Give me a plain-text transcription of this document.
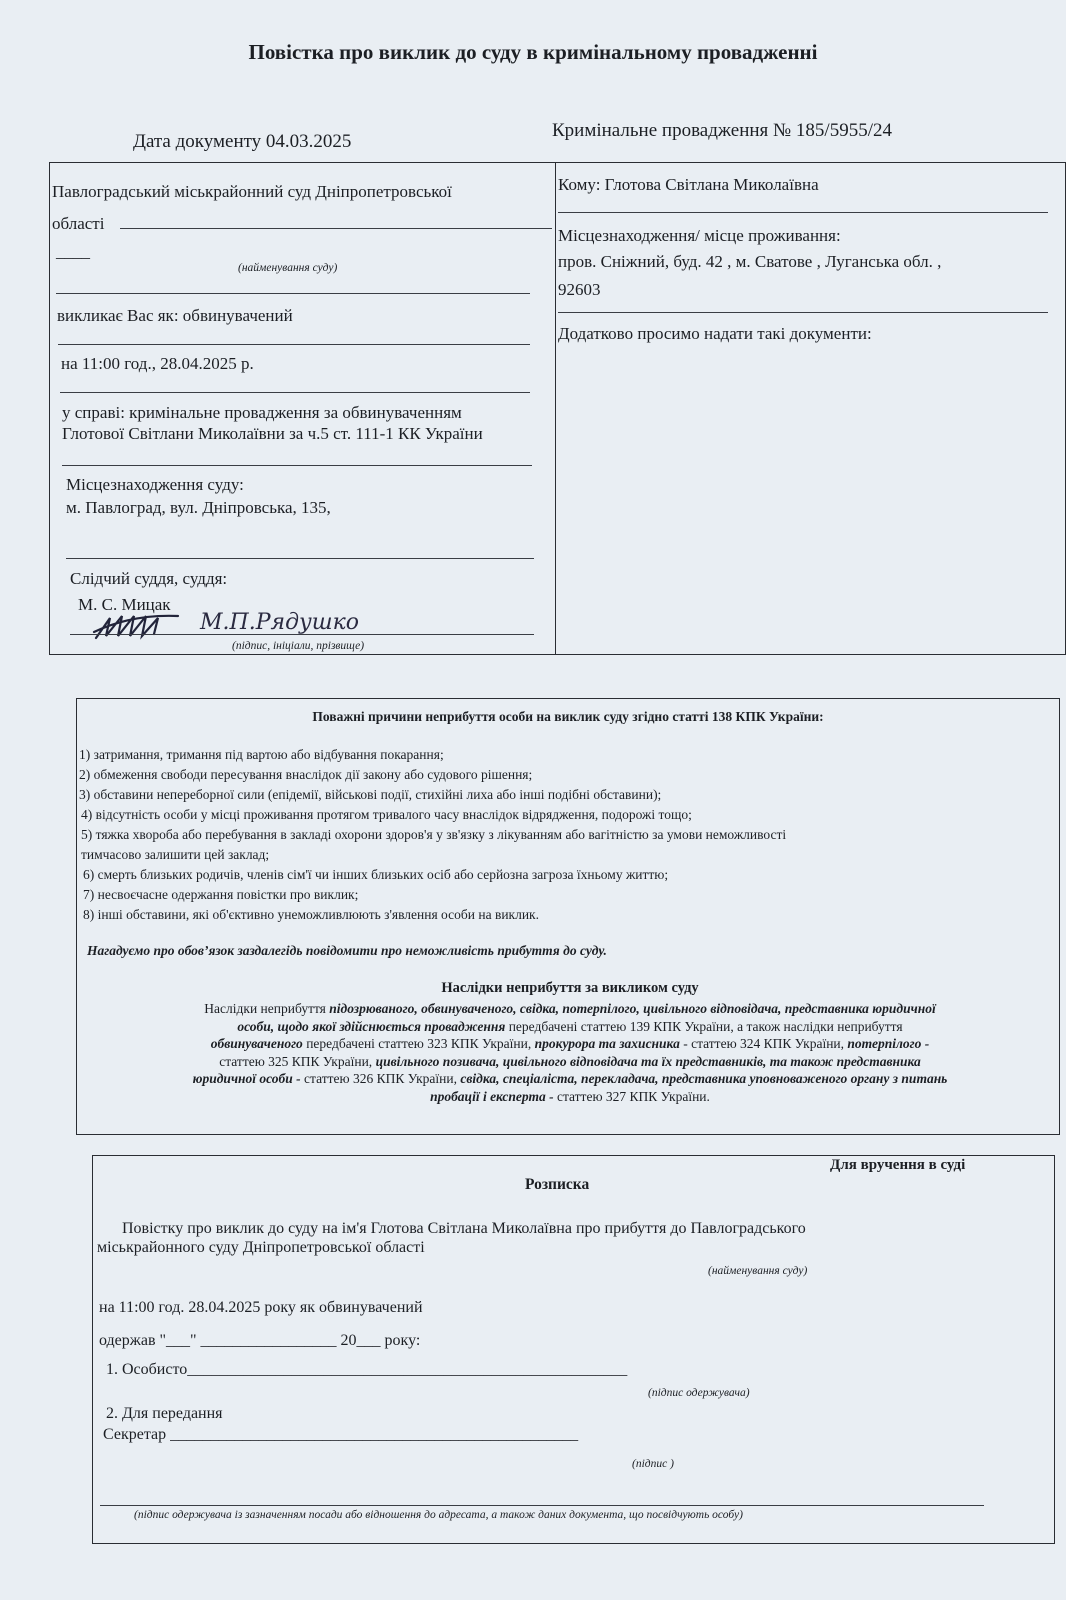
Повістка про виклик до суду в кримінальному провадженні
Дата документу 04.03.2025
Кримінальне провадження № 185/5955/24
Павлоградський міськрайонний суд Дніпропетровської
області
____
(найменування суду)
викликає Вас як: обвинувачений
на 11:00 год., 28.04.2025 р.
у справі: кримінальне провадження за обвинуваченням
Глотової Світлани Миколаївни за ч.5 ст. 111-1 КК України
Місцезнаходження суду:
м. Павлоград, вул. Дніпровська, 135,
Слідчий суддя, суддя:
М. С. Мицак
М.П.Рядушко
(підпис, ініціали, прізвище)
Кому: Глотова Світлана Миколаївна
Місцезнаходження/ місце проживання:
пров. Сніжний, буд. 42 , м. Сватове , Луганська обл. ,
92603
Додатково просимо надати такі документи:
Поважні причини неприбуття особи на виклик суду згідно статті 138 КПК України:
1) затримання, тримання під вартою або відбування покарання;
2) обмеження свободи пересування внаслідок дії закону або судового рішення;
3) обставини непереборної сили (епідемії, військові події, стихійні лиха або інші подібні обставини);
4) відсутність особи у місці проживання протягом тривалого часу внаслідок відрядження, подорожі тощо;
5) тяжка хвороба або перебування в закладі охорони здоров'я у зв'язку з лікуванням або вагітністю за умови неможливості
тимчасово залишити цей заклад;
6) смерть близьких родичів, членів сім'ї чи інших близьких осіб або серйозна загроза їхньому життю;
7) несвоєчасне одержання повістки про виклик;
8) інші обставини, які об'єктивно унеможливлюють з'явлення особи на виклик.
Нагадуємо про обов’язок заздалегідь повідомити про неможливість прибуття до суду.
Наслідки неприбуття за викликом суду
Наслідки неприбуття підозрюваного, обвинуваченого, свідка, потерпілого, цивільного відповідача, представника юридичної
особи, щодо якої здійснюється провадження передбачені статтею 139 КПК України, а також наслідки неприбуття
обвинуваченого передбачені статтею 323 КПК України, прокурора та захисника - статтею 324 КПК України, потерпілого -
статтею 325 КПК України, цивільного позивача, цивільного відповідача та їх представників, та також представника
юридичної особи - статтею 326 КПК України, свідка, спеціаліста, перекладача, представника уповноваженого органу з питань
пробації і експерта - статтею 327 КПК України.
Для вручення в суді
Розписка
Повістку про виклик до суду на ім'я Глотова Світлана Миколаївна про прибуття до Павлоградського
міськрайонного суду Дніпропетровської області
(найменування суду)
на 11:00 год. 28.04.2025 року як обвинувачений
одержав "___" _________________ 20___ року:
1. Особисто_______________________________________________________
(підпис одержувача)
2. Для передання
Секретар ___________________________________________________
(підпис )
(підпис одержувача із зазначенням посади або відношення до адресата, а також даних документа, що посвідчують особу)
